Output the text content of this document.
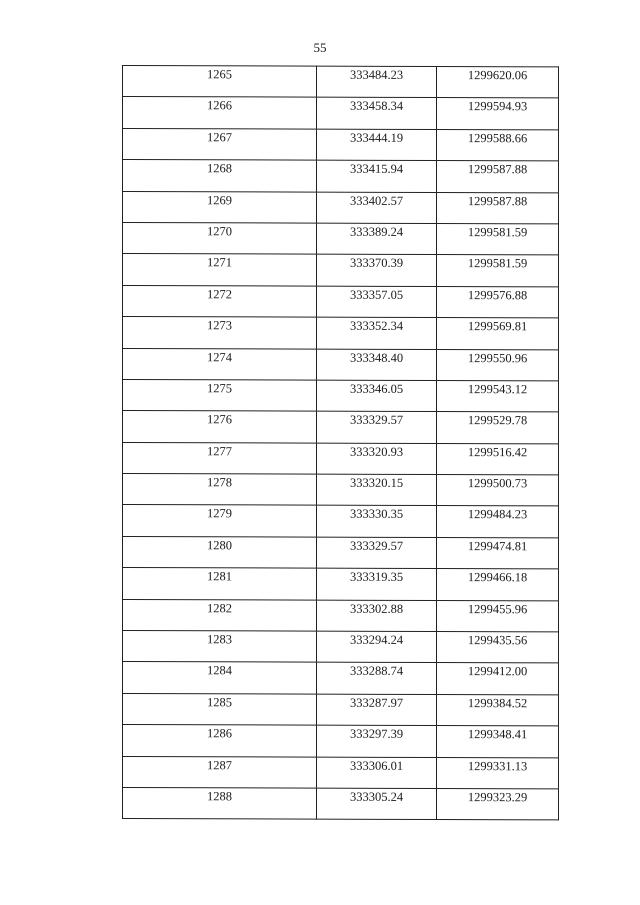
55
1265	333484.23	1299620.06

1266	333458.34	1299594.93

1267	333444.19	1299588.66

1268	333415.94	1299587.88

1269	333402.57	1299587.88

1270	333389.24	1299581.59

1271	333370.39	1299581.59

1272	333357.05	1299576.88

1273	333352.34	1299569.81

1274	333348.40	1299550.96

1275	333346.05	1299543.12

1276	333329.57	1299529.78

1277	333320.93	1299516.42

1278	333320.15	1299500.73

1279	333330.35	1299484.23

1280	333329.57	1299474.81

1281	333319.35	1299466.18

1282	333302.88	1299455.96

1283	333294.24	1299435.56

1284	333288.74	1299412.00

1285	333287.97	1299384.52

1286	333297.39	1299348.41

1287	333306.01	1299331.13

1288	333305.24	1299323.29
